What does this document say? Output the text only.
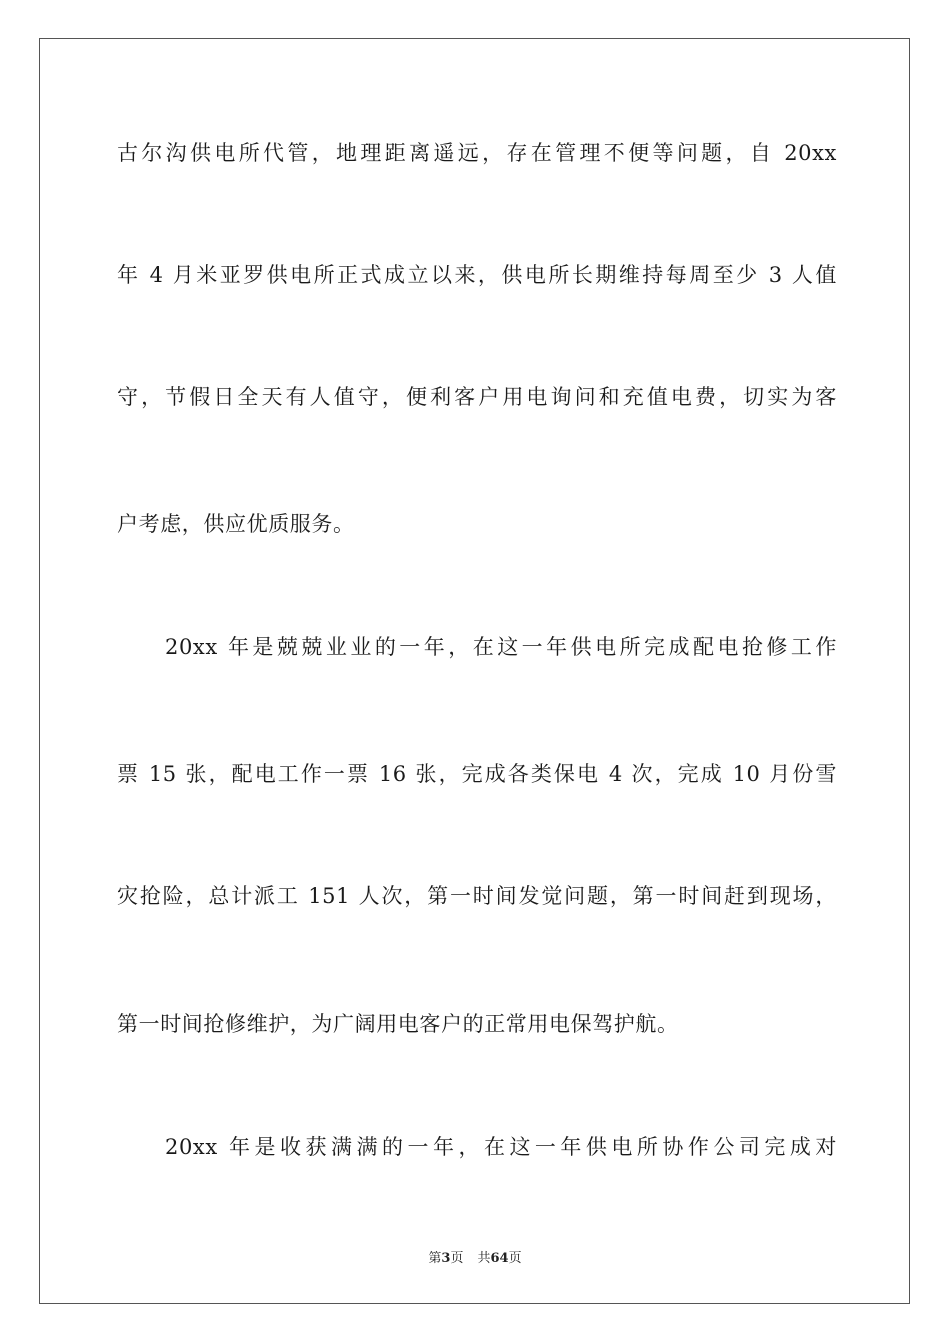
古尔沟供电所代管，地理距离遥远，存在管理不便等问题，自 20xx
年 4 月米亚罗供电所正式成立以来，供电所长期维持每周至少 3 人值
守，节假日全天有人值守，便利客户用电询问和充值电费，切实为客
户考虑，供应优质服务。
20xx 年是兢兢业业的一年，在这一年供电所完成配电抢修工作
票 15 张，配电工作一票 16 张，完成各类保电 4 次，完成 10 月份雪
灾抢险，总计派工 151 人次，第一时间发觉问题，第一时间赶到现场，
第一时间抢修维护，为广阔用电客户的正常用电保驾护航。
20xx 年是收获满满的一年，在这一年供电所协作公司完成对
第3页 共64页
